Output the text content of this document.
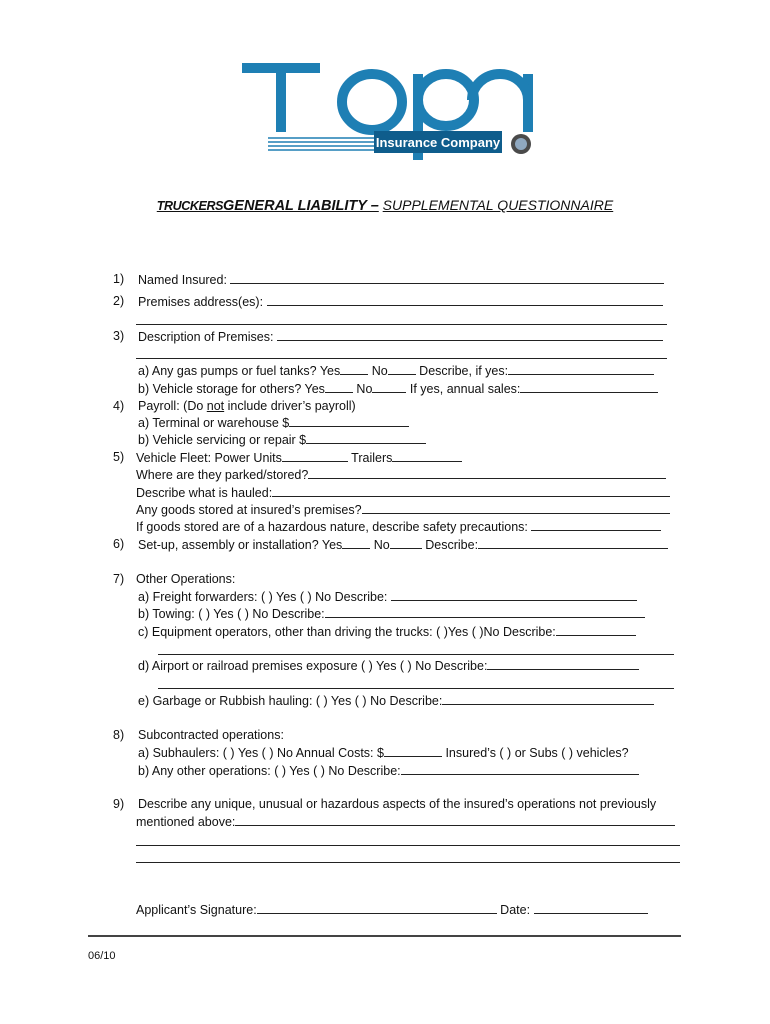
Insurance Company
TRUCKERSGENERAL LIABILITY – SUPPLEMENTAL QUESTIONNAIRE
1) Named Insured:
2) Premises address(es):
3) Description of Premises:
a) Any gas pumps or fuel tanks? Yes	No	Describe, if yes:
b) Vehicle storage for others? Yes	No	If yes, annual sales:
4) Payroll: (Do not include driver’s payroll)
a) Terminal or warehouse $
b) Vehicle servicing or repair $
5) Vehicle Fleet: Power Units	Trailers
Where are they parked/stored?
Describe what is hauled:
Any goods stored at insured’s premises?
If goods stored are of a hazardous nature, describe safety precautions:
6) Set-up, assembly or installation? Yes	No	Describe:
7) Other Operations:
a) Freight forwarders: ( ) Yes ( ) No Describe:
b) Towing: ( ) Yes ( ) No Describe:
c) Equipment operators, other than driving the trucks: ( )Yes ( )No Describe:
d) Airport or railroad premises exposure ( ) Yes ( ) No Describe:
e) Garbage or Rubbish hauling: ( ) Yes ( ) No Describe:
8) Subcontracted operations:
a) Subhaulers: ( ) Yes ( ) No Annual Costs: $	Insured’s ( ) or Subs ( ) vehicles?
b) Any other operations: ( ) Yes ( ) No Describe:
9) Describe any unique, unusual or hazardous aspects of the insured’s operations not previously
mentioned above:
Applicant’s Signature:	Date:
06/10
